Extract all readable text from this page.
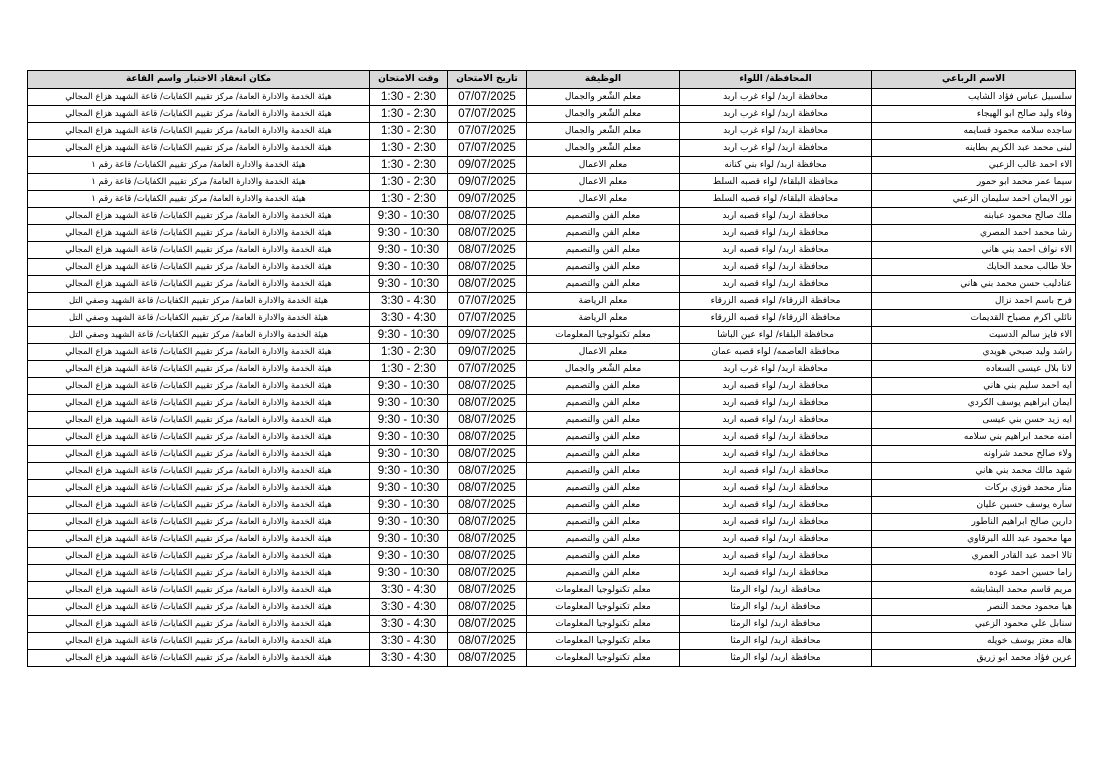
الاسم الرباعي	المحافظة/ اللواء	الوظيفة	تاريخ الامتحان	وقت الامتحان	مكان انعقاد الاختبار واسم القاعة
سلسبيل عباس فؤاد الشايب	محافظة اربد/ لواء غرب اربد	معلم الشّعر والجمال	07/07/2025	1:30 - 2:30	هيئة الخدمة والادارة العامة/ مركز تقييم الكفايات/ قاعة الشهيد هزاع المجالي
وفاء وليد صالح ابو الهيجاء	محافظة اربد/ لواء غرب اربد	معلم الشّعر والجمال	07/07/2025	1:30 - 2:30	هيئة الخدمة والادارة العامة/ مركز تقييم الكفايات/ قاعة الشهيد هزاع المجالي
ساجده سلامه محمود قسايمه	محافظة اربد/ لواء غرب اربد	معلم الشّعر والجمال	07/07/2025	1:30 - 2:30	هيئة الخدمة والادارة العامة/ مركز تقييم الكفايات/ قاعة الشهيد هزاع المجالي
لبنى محمد عبد الكريم بطاينه	محافظة اربد/ لواء غرب اربد	معلم الشّعر والجمال	07/07/2025	1:30 - 2:30	هيئة الخدمة والادارة العامة/ مركز تقييم الكفايات/ قاعة الشهيد هزاع المجالي
الاء احمد غالب الزعبي	محافظة اربد/ لواء بني كنانه	معلم الاعمال	09/07/2025	1:30 - 2:30	هيئة الخدمة والادارة العامة/ مركز تقييم الكفايات/ قاعة رقم ١
سيما عمر محمد ابو حمور	محافظة البلقاء/ لواء قصبه السلط	معلم الاعمال	09/07/2025	1:30 - 2:30	هيئة الخدمة والادارة العامة/ مركز تقييم الكفايات/ قاعة رقم ١
نور الايمان احمد سليمان الزعبي	محافظة البلقاء/ لواء قصبه السلط	معلم الاعمال	09/07/2025	1:30 - 2:30	هيئة الخدمة والادارة العامة/ مركز تقييم الكفايات/ قاعة رقم ١
ملك صالح محمود عبابنه	محافظة اربد/ لواء قصبه اربد	معلم الفن والتصميم	08/07/2025	9:30 - 10:30	هيئة الخدمة والادارة العامة/ مركز تقييم الكفايات/ قاعة الشهيد هزاع المجالي
رشا محمد احمد المصري	محافظة اربد/ لواء قصبه اربد	معلم الفن والتصميم	08/07/2025	9:30 - 10:30	هيئة الخدمة والادارة العامة/ مركز تقييم الكفايات/ قاعة الشهيد هزاع المجالي
الاء نواف احمد بني هاني	محافظة اربد/ لواء قصبه اربد	معلم الفن والتصميم	08/07/2025	9:30 - 10:30	هيئة الخدمة والادارة العامة/ مركز تقييم الكفايات/ قاعة الشهيد هزاع المجالي
حلا طالب محمد الحايك	محافظة اربد/ لواء قصبه اربد	معلم الفن والتصميم	08/07/2025	9:30 - 10:30	هيئة الخدمة والادارة العامة/ مركز تقييم الكفايات/ قاعة الشهيد هزاع المجالي
عنادليب حسن محمد بني هاني	محافظة اربد/ لواء قصبه اربد	معلم الفن والتصميم	08/07/2025	9:30 - 10:30	هيئة الخدمة والادارة العامة/ مركز تقييم الكفايات/ قاعة الشهيد هزاع المجالي
فرح باسم احمد نزال	محافظة الزرقاء/ لواء قصبه الزرقاء	معلم الرياضة	07/07/2025	3:30 - 4:30	هيئة الخدمة والادارة العامة/ مركز تقييم الكفايات/ قاعة الشهيد وصفي التل
نائلي اكرم مصباح القديمات	محافظة الزرقاء/ لواء قصبه الزرقاء	معلم الرياضة	07/07/2025	3:30 - 4:30	هيئة الخدمة والادارة العامة/ مركز تقييم الكفايات/ قاعة الشهيد وصفي التل
الاء فايز سالم الدسيت	محافظة البلقاء/ لواء عين الباشا	معلم تكنولوجيا المعلومات	09/07/2025	9:30 - 10:30	هيئة الخدمة والادارة العامة/ مركز تقييم الكفايات/ قاعة الشهيد وصفي التل
راشد وليد صبحي هويدي	محافظة العاصمه/ لواء قصبه عمان	معلم الاعمال	09/07/2025	1:30 - 2:30	هيئة الخدمة والادارة العامة/ مركز تقييم الكفايات/ قاعة الشهيد هزاع المجالي
لانا بلال عيسى السعاده	محافظة اربد/ لواء غرب اربد	معلم الشّعر والجمال	07/07/2025	1:30 - 2:30	هيئة الخدمة والادارة العامة/ مركز تقييم الكفايات/ قاعة الشهيد هزاع المجالي
ايه احمد سليم بني هاني	محافظة اربد/ لواء قصبه اربد	معلم الفن والتصميم	08/07/2025	9:30 - 10:30	هيئة الخدمة والادارة العامة/ مركز تقييم الكفايات/ قاعة الشهيد هزاع المجالي
ايمان ابراهيم يوسف الكردي	محافظة اربد/ لواء قصبه اربد	معلم الفن والتصميم	08/07/2025	9:30 - 10:30	هيئة الخدمة والادارة العامة/ مركز تقييم الكفايات/ قاعة الشهيد هزاع المجالي
ايه زيد حسن بني عيسى	محافظة اربد/ لواء قصبه اربد	معلم الفن والتصميم	08/07/2025	9:30 - 10:30	هيئة الخدمة والادارة العامة/ مركز تقييم الكفايات/ قاعة الشهيد هزاع المجالي
امنه محمد ابراهيم بني سلامه	محافظة اربد/ لواء قصبه اربد	معلم الفن والتصميم	08/07/2025	9:30 - 10:30	هيئة الخدمة والادارة العامة/ مركز تقييم الكفايات/ قاعة الشهيد هزاع المجالي
ولاء صالح محمد شراونه	محافظة اربد/ لواء قصبه اربد	معلم الفن والتصميم	08/07/2025	9:30 - 10:30	هيئة الخدمة والادارة العامة/ مركز تقييم الكفايات/ قاعة الشهيد هزاع المجالي
شهد مالك محمد بني هاني	محافظة اربد/ لواء قصبه اربد	معلم الفن والتصميم	08/07/2025	9:30 - 10:30	هيئة الخدمة والادارة العامة/ مركز تقييم الكفايات/ قاعة الشهيد هزاع المجالي
منار محمد فوزي بركات	محافظة اربد/ لواء قصبه اربد	معلم الفن والتصميم	08/07/2025	9:30 - 10:30	هيئة الخدمة والادارة العامة/ مركز تقييم الكفايات/ قاعة الشهيد هزاع المجالي
ساره يوسف حسين عليان	محافظة اربد/ لواء قصبه اربد	معلم الفن والتصميم	08/07/2025	9:30 - 10:30	هيئة الخدمة والادارة العامة/ مركز تقييم الكفايات/ قاعة الشهيد هزاع المجالي
دارين صالح ابراهيم الناطور	محافظة اربد/ لواء قصبه اربد	معلم الفن والتصميم	08/07/2025	9:30 - 10:30	هيئة الخدمة والادارة العامة/ مركز تقييم الكفايات/ قاعة الشهيد هزاع المجالي
مها محمود عبد الله البرقاوي	محافظة اربد/ لواء قصبه اربد	معلم الفن والتصميم	08/07/2025	9:30 - 10:30	هيئة الخدمة والادارة العامة/ مركز تقييم الكفايات/ قاعة الشهيد هزاع المجالي
تالا احمد عبد القادر العمري	محافظة اربد/ لواء قصبه اربد	معلم الفن والتصميم	08/07/2025	9:30 - 10:30	هيئة الخدمة والادارة العامة/ مركز تقييم الكفايات/ قاعة الشهيد هزاع المجالي
راما حسين احمد عوده	محافظة اربد/ لواء قصبه اربد	معلم الفن والتصميم	08/07/2025	9:30 - 10:30	هيئة الخدمة والادارة العامة/ مركز تقييم الكفايات/ قاعة الشهيد هزاع المجالي
مريم قاسم محمد البشابشه	محافظة اربد/ لواء الرمثا	معلم تكنولوجيا المعلومات	08/07/2025	3:30 - 4:30	هيئة الخدمة والادارة العامة/ مركز تقييم الكفايات/ قاعة الشهيد هزاع المجالي
هيا محمود محمد النصر	محافظة اربد/ لواء الرمثا	معلم تكنولوجيا المعلومات	08/07/2025	3:30 - 4:30	هيئة الخدمة والادارة العامة/ مركز تقييم الكفايات/ قاعة الشهيد هزاع المجالي
سنابل علي محمود الزعبي	محافظة اربد/ لواء الرمثا	معلم تكنولوجيا المعلومات	08/07/2025	3:30 - 4:30	هيئة الخدمة والادارة العامة/ مركز تقييم الكفايات/ قاعة الشهيد هزاع المجالي
هاله معتز يوسف خويله	محافظة اربد/ لواء الرمثا	معلم تكنولوجيا المعلومات	08/07/2025	3:30 - 4:30	هيئة الخدمة والادارة العامة/ مركز تقييم الكفايات/ قاعة الشهيد هزاع المجالي
عرين فؤاد محمد ابو زريق	محافظة اربد/ لواء الرمثا	معلم تكنولوجيا المعلومات	08/07/2025	3:30 - 4:30	هيئة الخدمة والادارة العامة/ مركز تقييم الكفايات/ قاعة الشهيد هزاع المجالي
